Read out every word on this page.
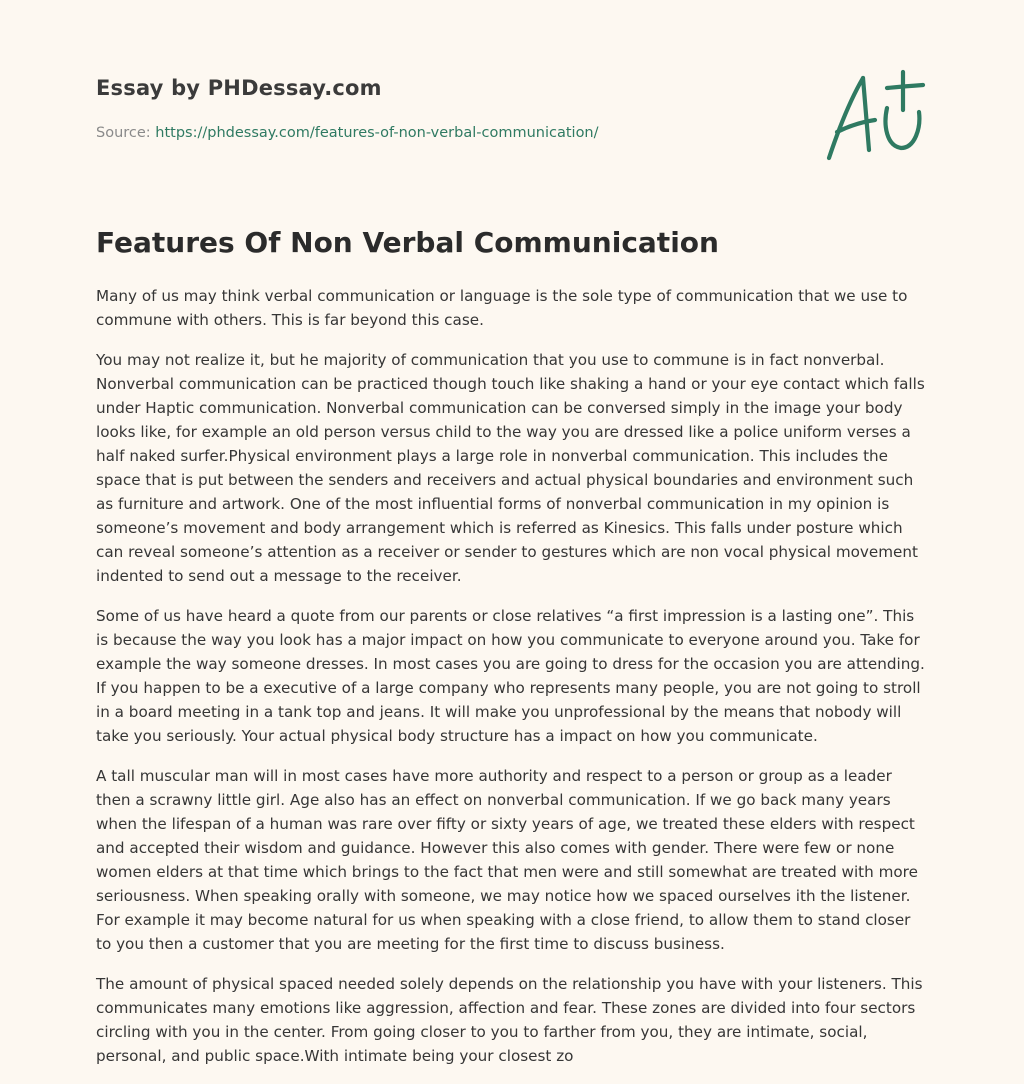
Essay by PHDessay.com
Source: https://phdessay.com/features-of-non-verbal-communication/
Features Of Non Verbal Communication

Many of us may think verbal communication or language is the sole type of communication that we use to commune with others. This is far beyond this case.

You may not realize it, but he majority of communication that you use to commune is in fact nonverbal. Nonverbal communication can be practiced though touch like shaking a hand or your eye contact which falls under Haptic communication. Nonverbal communication can be conversed simply in the image your body looks like, for example an old person versus child to the way you are dressed like a police uniform verses a half naked surfer.Physical environment plays a large role in nonverbal communication. This includes the space that is put between the senders and receivers and actual physical boundaries and environment such as furniture and artwork. One of the most influential forms of nonverbal communication in my opinion is someone’s movement and body arrangement which is referred as Kinesics. This falls under posture which can reveal someone’s attention as a receiver or sender to gestures which are non vocal physical movement indented to send out a message to the receiver.

Some of us have heard a quote from our parents or close relatives “a first impression is a lasting one”. This is because the way you look has a major impact on how you communicate to everyone around you. Take for example the way someone dresses. In most cases you are going to dress for the occasion you are attending. If you happen to be a executive of a large company who represents many people, you are not going to stroll in a board meeting in a tank top and jeans. It will make you unprofessional by the means that nobody will take you seriously. Your actual physical body structure has a impact on how you communicate.

A tall muscular man will in most cases have more authority and respect to a person or group as a leader then a scrawny little girl. Age also has an effect on nonverbal communication. If we go back many years when the lifespan of a human was rare over fifty or sixty years of age, we treated these elders with respect and accepted their wisdom and guidance. However this also comes with gender. There were few or none women elders at that time which brings to the fact that men were and still somewhat are treated with more seriousness. When speaking orally with someone, we may notice how we spaced ourselves ith the listener. For example it may become natural for us when speaking with a close friend, to allow them to stand closer to you then a customer that you are meeting for the first time to discuss business.

The amount of physical spaced needed solely depends on the relationship you have with your listeners. This communicates many emotions like aggression, affection and fear. These zones are divided into four sectors circling with you in the center. From going closer to you to farther from you, they are intimate, social, personal, and public space.With intimate being your closest zo
